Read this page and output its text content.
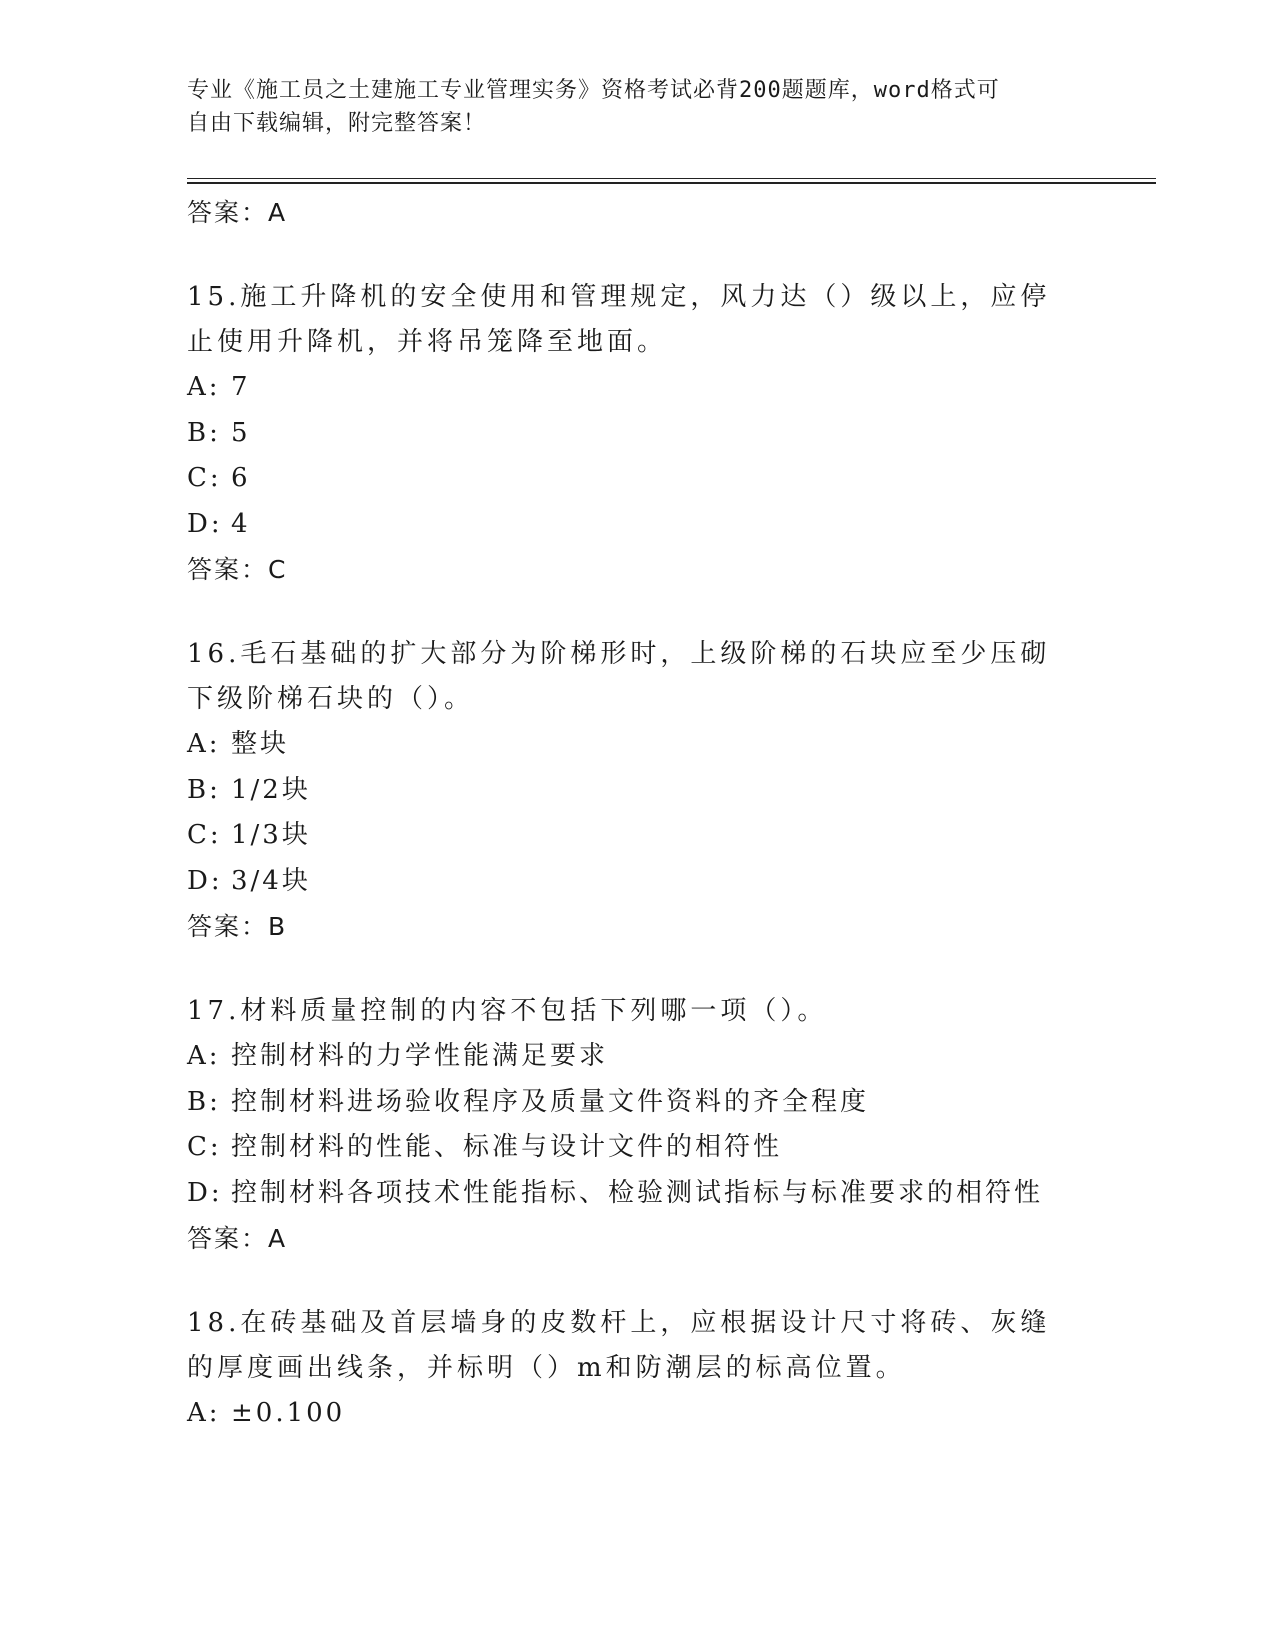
专业《施工员之土建施工专业管理实务》资格考试必背200题题库，word格式可
自由下载编辑，附完整答案！
答案：A
15.施工升降机的安全使用和管理规定，风力达（）级以上，应停止使用升降机，并将吊笼降至地面。
A: 7
B: 5
C: 6
D: 4
答案：C
16.毛石基础的扩大部分为阶梯形时，上级阶梯的石块应至少压砌下级阶梯石块的（）。
A: 整块
B: 1/2块
C: 1/3块
D: 3/4块
答案：B
17.材料质量控制的内容不包括下列哪一项（）。
A: 控制材料的力学性能满足要求
B: 控制材料进场验收程序及质量文件资料的齐全程度
C: 控制材料的性能、标准与设计文件的相符性
D: 控制材料各项技术性能指标、检验测试指标与标准要求的相符性
答案：A
18.在砖基础及首层墙身的皮数杆上，应根据设计尺寸将砖、灰缝的厚度画出线条，并标明（）m和防潮层的标高位置。
A: ±0.100
